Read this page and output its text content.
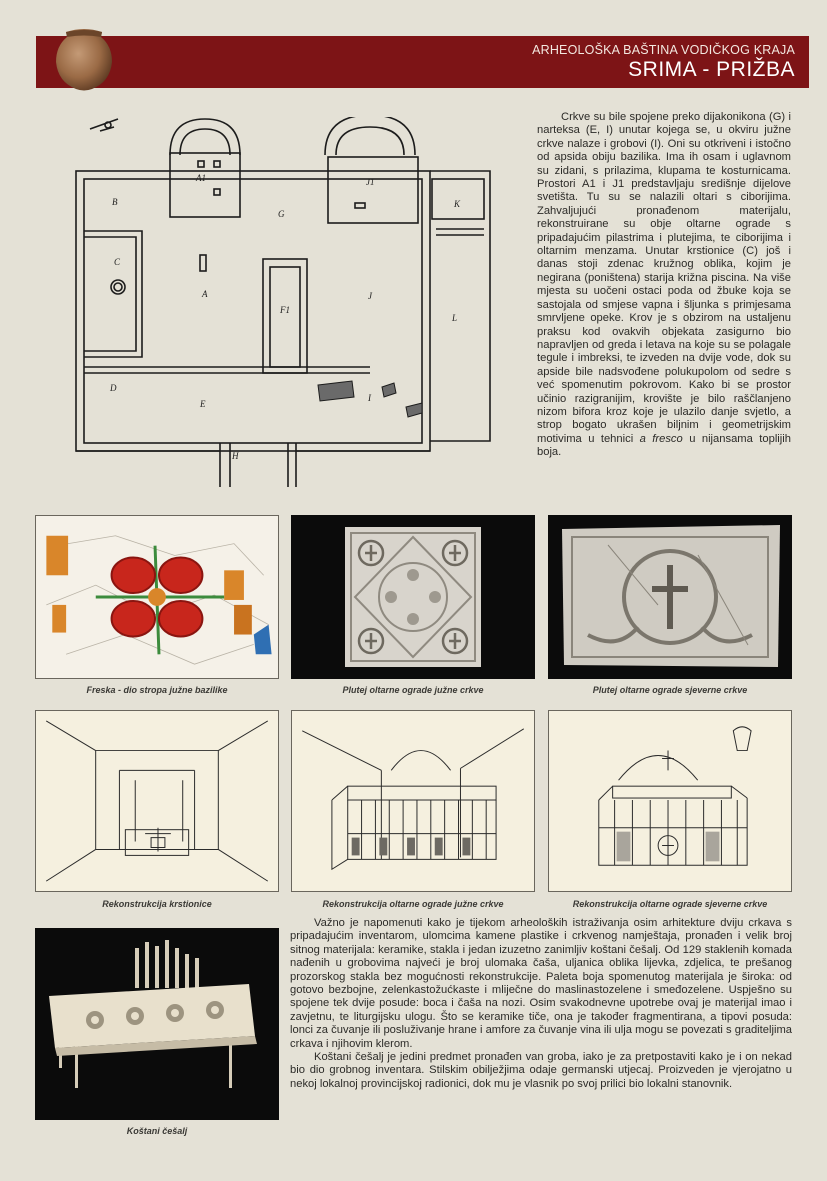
ARHEOLOŠKA BAŠTINA VODIČKOG KRAJA
SRIMA - PRIŽBA
A1	J1
B
G
K
C
A
F1
J
L
D
E
I
H

Crkve su bile spojene preko dijakonikona (G) i narteksa (E, I) unutar kojega se, u okviru južne crkve nalaze i grobovi (I). Oni su otkriveni i istočno od apsida obiju bazilika. Ima ih osam i uglavnom su zidani, s prilazima, klupama te kosturnicama. Prostori A1 i J1 predstavljaju središnje dijelove svetišta. Tu su se nalazili oltari s ciborijima. Zahvaljujući pronađenom materijalu, rekonstruirane su obje oltarne ograde s pripadajućim pilastrima i plutejima, te ciborijima i oltarnim menzama. Unutar krstionice (C) još i danas stoji zdenac kružnog oblika, kojim je negirana (poništena) starija križna piscina. Na više mjesta su uočeni ostaci poda od žbuke koja se sastojala od smjese vapna i šljunka s primjesama smrvljene opeke. Krov je s obzirom na ustaljenu praksu kod ovakvih objekata zasigurno bio napravljen od greda i letava na koje su se polagale tegule i imbreksi, te izveden na dvije vode, dok su apside bile nadsvođene polukupolom od sedre s već spomenutim pokrovom. Kako bi se prostor učinio razigranijim, krovište je bilo raščlanjeno nizom bifora kroz koje je ulazilo danje svjetlo, a strop bogato ukrašen biljnim i geometrijskim motivima u tehnici a fresco u nijansama toplijih boja.

Freska - dio stropa južne bazilike	Plutej oltarne ograde južne crkve	Plutej oltarne ograde sjeverne crkve
Rekonstrukcija krstionice	Rekonstrukcija oltarne ograde južne crkve	Rekonstrukcija oltarne ograde sjeverne crkve
Koštani češalj

Važno je napomenuti kako je tijekom arheoloških istraživanja osim arhitekture dviju crkava s pripadajućim inventarom, ulomcima kamene plastike i crkvenog namještaja, pronađen i velik broj sitnog materijala: keramike, stakla i jedan izuzetno zanimljiv koštani češalj. Od 129 staklenih komada nađenih u grobovima najveći je broj ulomaka čaša, uljanica oblika lijevka, zdjelica, te prešanog prozorskog stakla bez mogućnosti rekonstrukcije. Paleta boja spomenutog materijala je široka: od gotovo bezbojne, zelenkastožućkaste i mliječne do maslinastozelene i smeđozelene. Uspješno su spojene tek dvije posude: boca i čaša na nozi. Osim svakodnevne upotrebe ovaj je materijal imao i zavjetnu, te liturgijsku ulogu. Što se keramike tiče, ona je također fragmentirana, a tipovi posuda: lonci za čuvanje ili posluživanje hrane i amfore za čuvanje vina ili ulja mogu se povezati s graditeljima crkava i njihovim klerom.

Koštani češalj je jedini predmet pronađen van groba, iako je za pretpostaviti kako je i on nekad bio dio grobnog inventara. Stilskim obilježjima odaje germanski utjecaj. Proizveden je vjerojatno u nekoj lokalnoj provincijskoj radionici, dok mu je vlasnik po svoj prilici bio lokalni stanovnik.
